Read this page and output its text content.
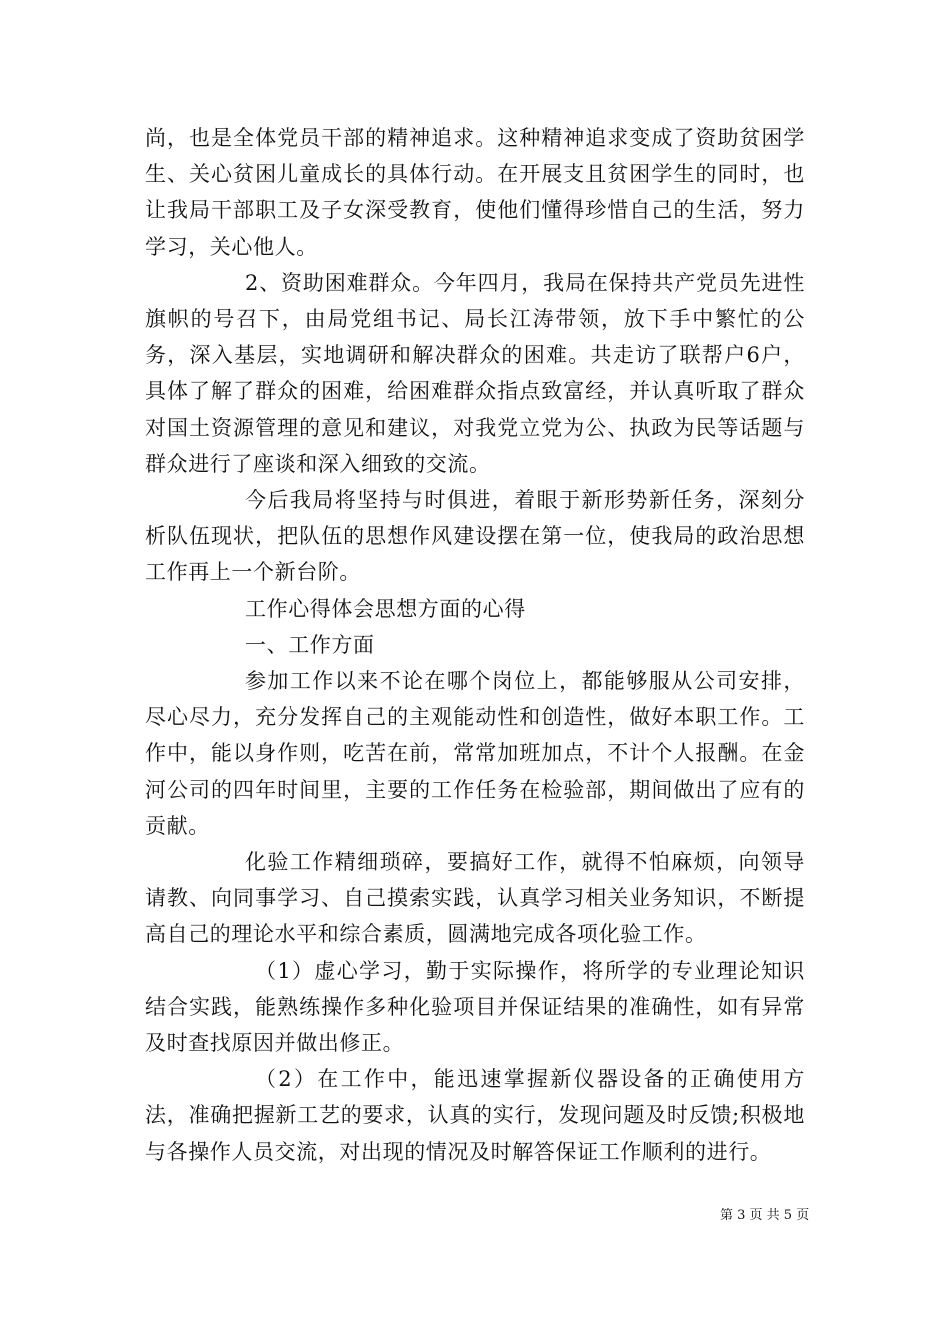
尚，也是全体党员干部的精神追求。这种精神追求变成了资助贫困学生、关心贫困儿童成长的具体行动。在开展支且贫困学生的同时，也让我局干部职工及子女深受教育，使他们懂得珍惜自己的生活，努力学习，关心他人。

2、资助困难群众。今年四月，我局在保持共产党员先进性旗帜的号召下，由局党组书记、局长江涛带领，放下手中繁忙的公务，深入基层，实地调研和解决群众的困难。共走访了联帮户6户，具体了解了群众的困难，给困难群众指点致富经，并认真听取了群众对国土资源管理的意见和建议，对我党立党为公、执政为民等话题与群众进行了座谈和深入细致的交流。

今后我局将坚持与时俱进，着眼于新形势新任务，深刻分析队伍现状，把队伍的思想作风建设摆在第一位，使我局的政治思想工作再上一个新台阶。

工作心得体会思想方面的心得

一、工作方面

参加工作以来不论在哪个岗位上，都能够服从公司安排，尽心尽力，充分发挥自己的主观能动性和创造性，做好本职工作。工作中，能以身作则，吃苦在前，常常加班加点，不计个人报酬。在金河公司的四年时间里，主要的工作任务在检验部，期间做出了应有的贡献。

化验工作精细琐碎，要搞好工作，就得不怕麻烦，向领导请教、向同事学习、自己摸索实践，认真学习相关业务知识，不断提高自己的理论水平和综合素质，圆满地完成各项化验工作。

（1）虚心学习，勤于实际操作，将所学的专业理论知识结合实践，能熟练操作多种化验项目并保证结果的准确性，如有异常及时查找原因并做出修正。

（2）在工作中，能迅速掌握新仪器设备的正确使用方法，准确把握新工艺的要求，认真的实行，发现问题及时反馈;积极地与各操作人员交流，对出现的情况及时解答保证工作顺利的进行。

第 3 页 共 5 页
